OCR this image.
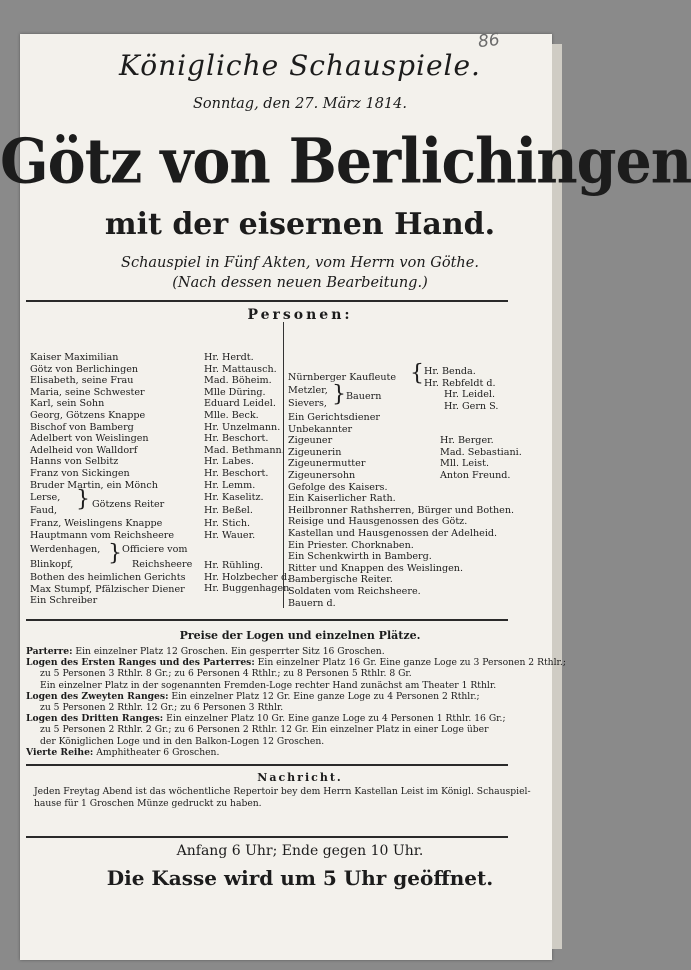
86
Königliche Schauspiele.
Sonntag, den 27. März 1814.
Götz von Berlichingen
mit der eisernen Hand.
Schauspiel in Fünf Akten, vom Herrn von Göthe.
(Nach dessen neuen Bearbeitung.)
Personen:
Kaiser Maximilian
Götz von Berlichingen
Elisabeth, seine Frau
Maria, seine Schwester
Karl, sein Sohn
Georg, Götzens Knappe
Bischof von Bamberg
Adelbert von Weislingen
Adelheid von Walldorf
Hanns von Selbitz
Franz von Sickingen
Bruder Martin, ein Mönch
Hr. Herdt.
Hr. Mattausch.
Mad. Böheim.
Mlle Düring.
Eduard Leidel.
Mlle. Beck.
Hr. Unzelmann.
Hr. Beschort.
Mad. Bethmann.
Hr. Labes.
Hr. Beschort.
Hr. Lemm.
Lerse,
Faud, } Götzens Reiter
Hr. Kaselitz.
Hr. Beßel.
Franz, Weislingens Knappe
Hauptmann vom Reichsheere
Hr. Stich.
Hr. Wauer.
Werdenhagen,
Blinkopf, } Officiere vom
Reichsheere
Bothen des heimlichen Gerichts
Max Stumpf, Pfälzischer Diener
Ein Schreiber
Hr. Rühling.
Hr. Holzbecher d.
Hr. Buggenhagen.
Nürnberger Kaufleute { Hr. Benda.
Hr. Rebfeldt d.
Metzler,
Sievers, } Bauern	Hr. Leidel.
Hr. Gern S.
Ein Gerichtsdiener
Unbekannter
Zigeuner
Zigeunerin
Zigeunermutter
Zigeunersohn
Gefolge des Kaisers.
Ein Kaiserlicher Rath.
Heilbronner Rathsherren, Bürger und Bothen.
Reisige und Hausgenossen des Götz.
Kastellan und Hausgenossen der Adelheid.
Ein Priester. Chorknaben.
Ein Schenkwirth in Bamberg.
Ritter und Knappen des Weislingen.
Bambergische Reiter.
Soldaten vom Reichsheere.
Bauern d.
Hr. Berger.
Mad. Sebastiani.
Mll. Leist.
Anton Freund.
Preise der Logen und einzelnen Plätze.
Parterre: Ein einzelner Platz 12 Groschen. Ein gesperrter Sitz 16 Groschen.
Logen des Ersten Ranges und des Parterres: Ein einzelner Platz 16 Gr. Eine ganze Loge zu 3 Personen 2 Rthlr.;
zu 5 Personen 3 Rthlr. 8 Gr.; zu 6 Personen 4 Rthlr.; zu 8 Personen 5 Rthlr. 8 Gr.
Ein einzelner Platz in der sogenannten Fremden-Loge rechter Hand zunächst am Theater 1 Rthlr.
Logen des Zweyten Ranges: Ein einzelner Platz 12 Gr. Eine ganze Loge zu 4 Personen 2 Rthlr.;
zu 5 Personen 2 Rthlr. 12 Gr.; zu 6 Personen 3 Rthlr.
Logen des Dritten Ranges: Ein einzelner Platz 10 Gr. Eine ganze Loge zu 4 Personen 1 Rthlr. 16 Gr.;
zu 5 Personen 2 Rthlr. 2 Gr.; zu 6 Personen 2 Rthlr. 12 Gr. Ein einzelner Platz in einer Loge über
der Königlichen Loge und in den Balkon-Logen 12 Groschen.
Vierte Reihe: Amphitheater 6 Groschen.
Nachricht.
Jeden Freytag Abend ist das wöchentliche Repertoir bey dem Herrn Kastellan Leist im Königl. Schauspiel-
hause für 1 Groschen Münze gedruckt zu haben.
Anfang 6 Uhr; Ende gegen 10 Uhr.
Die Kasse wird um 5 Uhr geöffnet.
